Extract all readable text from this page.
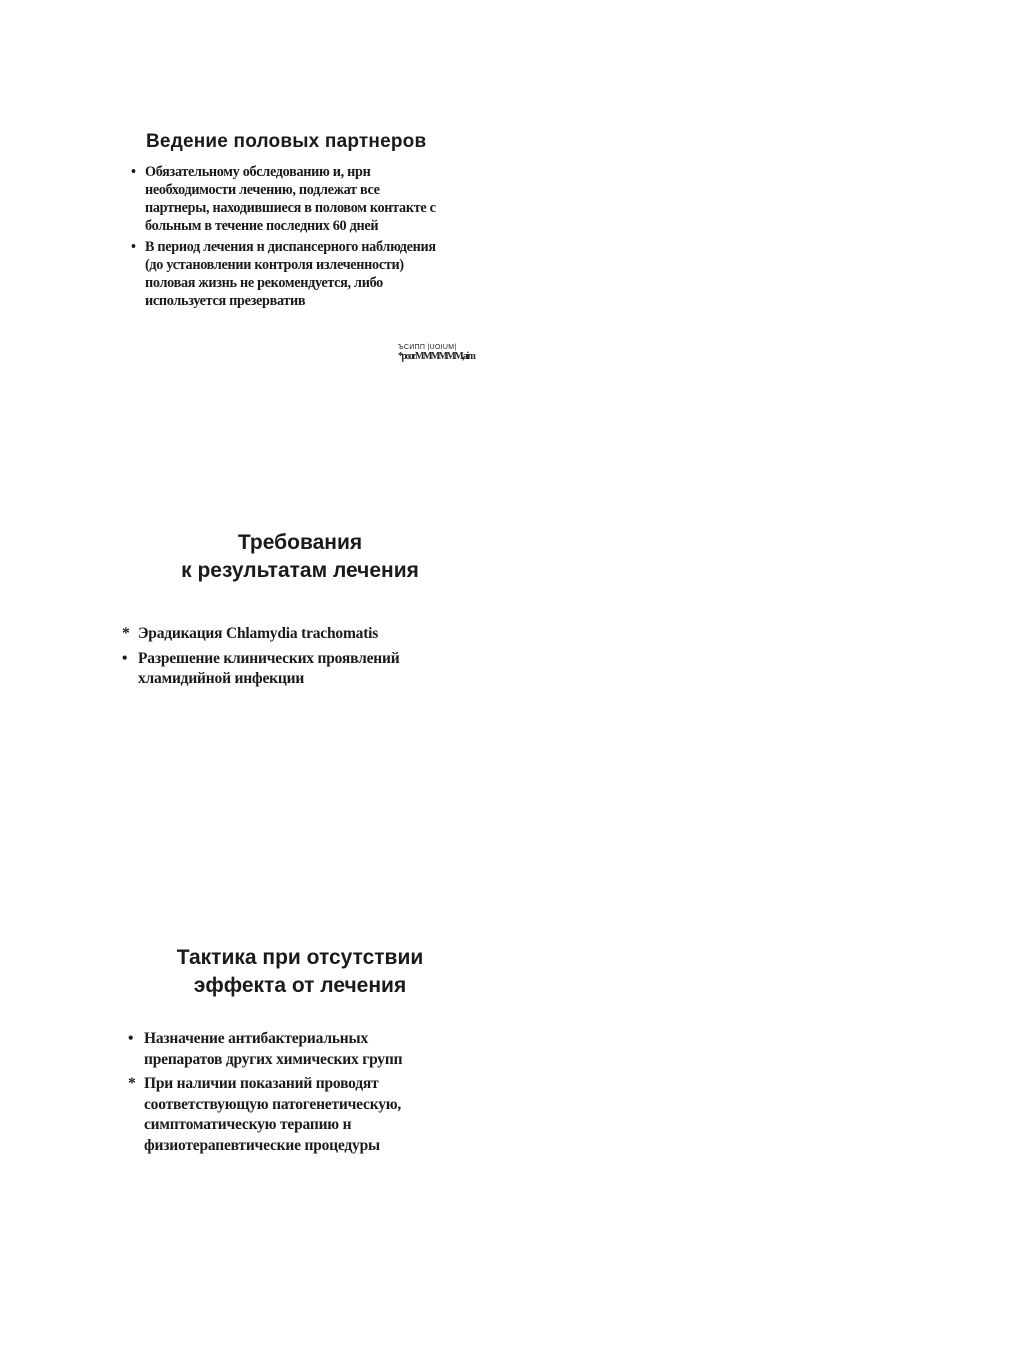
Ведение половых партнеров
• Обязательному обследованию и, нрн
необходимости лечению, подлежат все
партнеры, находившиеся в половом контакте с
больным в течение последних 60 дней
• В период лечения н диспансерного наблюдения
(до установлении контроля излеченности)
половая жизнь не рекомендуется, либо
используется презерватив
ЪСИПП |UOIUM|
*poorMMMMMM,aim
Требования
к результатам лечения
* Эрадикация Chlamydia trachomatis
• Разрешение клинических проявлений
хламидийной инфекции
Тактика при отсутствии
эффекта от лечения
• Назначение антибактериальных
препаратов других химических групп
* При наличии показаний проводят
соответствующую патогенетическую,
симптоматическую терапию н
физиотерапевтические процедуры
